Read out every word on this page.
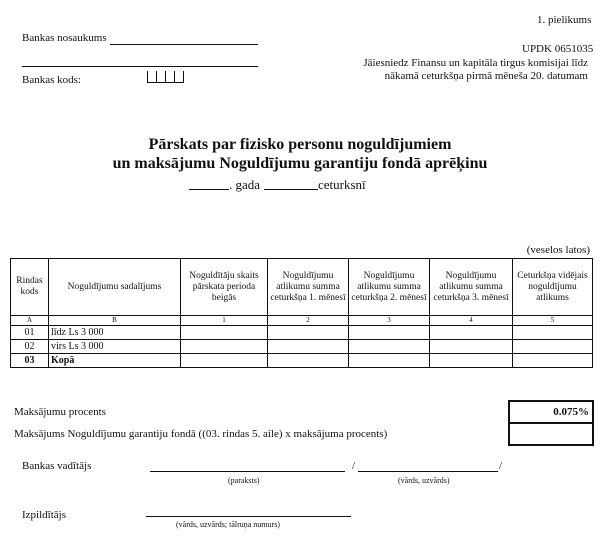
1. pielikums
Bankas nosaukums
Bankas kods:
UPDK 0651035
Jāiesniedz Finansu un kapitāla tirgus komisijai līdz
nākamā ceturkšņa pirmā mēneša 20. datumam
Pārskats par fizisko personu noguldījumiem
un maksājumu Noguldījumu garantiju fondā aprēķinu
. gada	ceturksnī
(veselos latos)
Rindas kods	Noguldījumu sadalījums	Noguldītāju skaits pārskata perioda beigās	Noguldījumu atlikumu summa ceturkšņa 1. mēnesī	Noguldījumu atlikumu summa ceturkšņa 2. mēnesī	Noguldījumu atlikumu summa ceturkšņa 3. mēnesī	Ceturkšņa vidējais noguldījumu atlikums
A	B	1	2	3	4	5
01	līdz Ls 3 000					
02	virs Ls 3 000					
03	Kopā					
Maksājumu procents	0.075%
Maksājums Noguldījumu garantiju fondā ((03. rindas 5. aile) x maksājuma procents)
Bankas vadītājs	/	/
(paraksts)	(vārds, uzvārds)
Izpildītājs
(vārds, uzvārds; tālruņa numurs)
